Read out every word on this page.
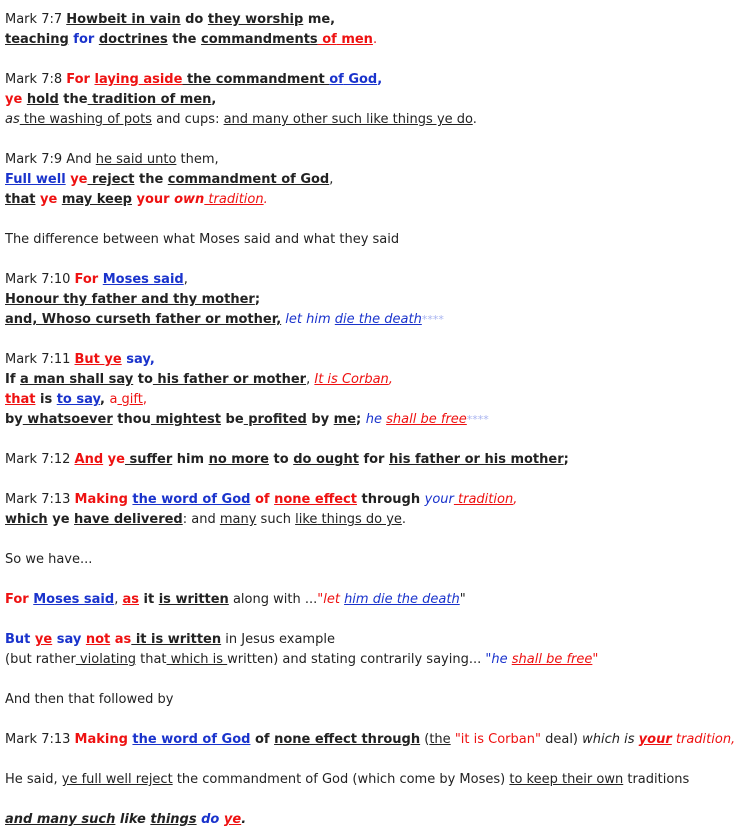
Mark 7:7 Howbeit in vain do they worship me,
teaching for doctrines the commandments of men.
Mark 7:8 For laying aside the commandment of God,
ye hold the tradition of men,
as the washing of pots and cups: and many other such like things ye do.
Mark 7:9 And he said unto them,
Full well ye reject the commandment of God,
that ye may keep your own tradition.
The difference between what Moses said and what they said
Mark 7:10 For Moses said,
Honour thy father and thy mother;
and, Whoso curseth father or mother, let him die the death****
Mark 7:11 But ye say,
If a man shall say to his father or mother, It is Corban,
that is to say, a gift,
by whatsoever thou mightest be profited by me; he shall be free****
Mark 7:12 And ye suffer him no more to do ought for his father or his mother;
Mark 7:13 Making the word of God of none effect through your tradition,
which ye have delivered: and many such like things do ye.
So we have...
For Moses said, as it is written along with ..."let him die the death"
But ye say not as it is written in Jesus example
(but rather violating that which is written) and stating contrarily saying... "he shall be free"
And then that followed by
Mark 7:13 Making the word of God of none effect through (the "it is Corban" deal) which is your tradition,
He said, ye full well reject the commandment of God (which come by Moses) to keep their own traditions
and many such like things do ye.
